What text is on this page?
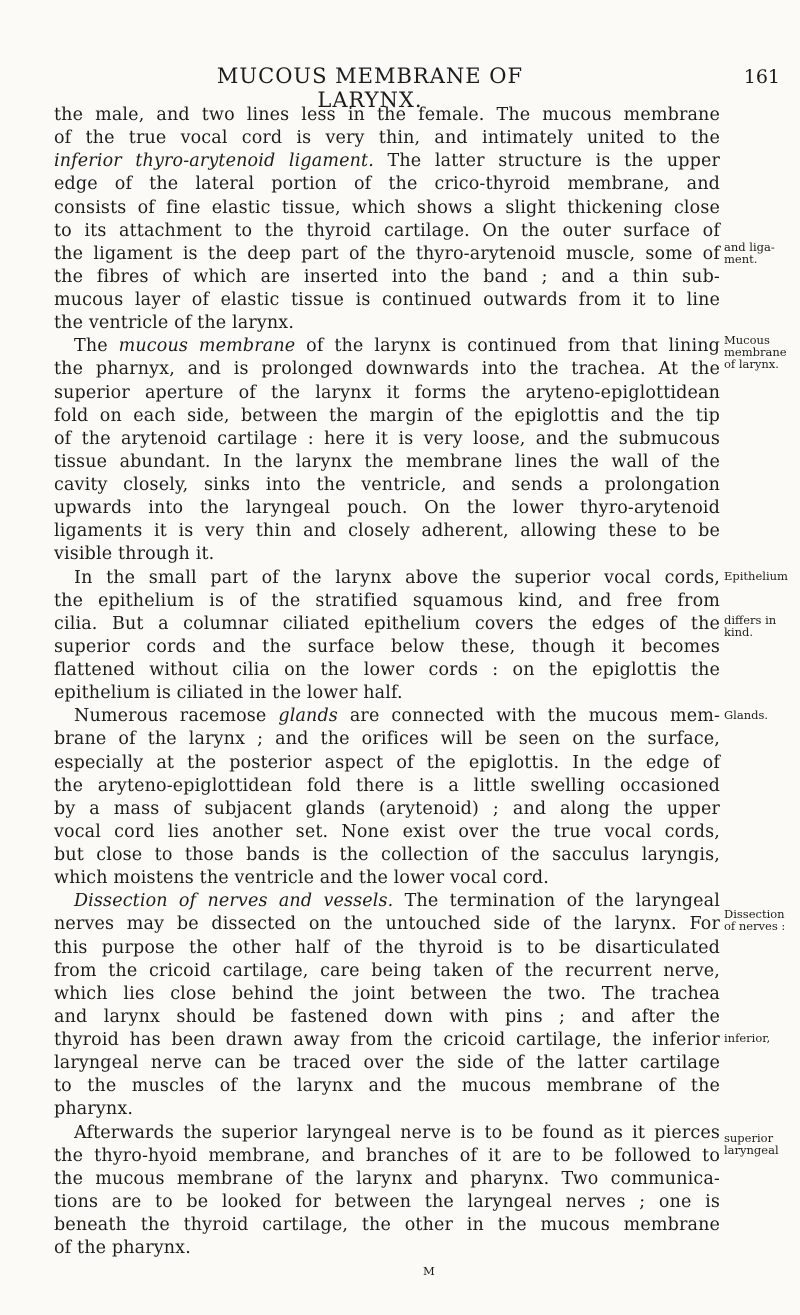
MUCOUS MEMBRANE OF LARYNX.
161
the male, and two lines less in the female. The mucous membrane
of the true vocal cord is very thin, and intimately united to the
inferior thyro-arytenoid ligament. The latter structure is the upper
edge of the lateral portion of the crico-thyroid membrane, and
consists of fine elastic tissue, which shows a slight thickening close
to its attachment to the thyroid cartilage. On the outer surface of
the ligament is the deep part of the thyro-arytenoid muscle, some of
the fibres of which are inserted into the band ; and a thin sub-
mucous layer of elastic tissue is continued outwards from it to line
the ventricle of the larynx.
The mucous membrane of the larynx is continued from that lining
the pharnyx, and is prolonged downwards into the trachea. At the
superior aperture of the larynx it forms the aryteno-epiglottidean
fold on each side, between the margin of the epiglottis and the tip
of the arytenoid cartilage : here it is very loose, and the submucous
tissue abundant. In the larynx the membrane lines the wall of the
cavity closely, sinks into the ventricle, and sends a prolongation
upwards into the laryngeal pouch. On the lower thyro-arytenoid
ligaments it is very thin and closely adherent, allowing these to be
visible through it.
In the small part of the larynx above the superior vocal cords,
the epithelium is of the stratified squamous kind, and free from
cilia. But a columnar ciliated epithelium covers the edges of the
superior cords and the surface below these, though it becomes
flattened without cilia on the lower cords : on the epiglottis the
epithelium is ciliated in the lower half.
Numerous racemose glands are connected with the mucous mem-
brane of the larynx ; and the orifices will be seen on the surface,
especially at the posterior aspect of the epiglottis. In the edge of
the aryteno-epiglottidean fold there is a little swelling occasioned
by a mass of subjacent glands (arytenoid) ; and along the upper
vocal cord lies another set. None exist over the true vocal cords,
but close to those bands is the collection of the sacculus laryngis,
which moistens the ventricle and the lower vocal cord.
Dissection of nerves and vessels. The termination of the laryngeal
nerves may be dissected on the untouched side of the larynx. For
this purpose the other half of the thyroid is to be disarticulated
from the cricoid cartilage, care being taken of the recurrent nerve,
which lies close behind the joint between the two. The trachea
and larynx should be fastened down with pins ; and after the
thyroid has been drawn away from the cricoid cartilage, the inferior
laryngeal nerve can be traced over the side of the latter cartilage
to the muscles of the larynx and the mucous membrane of the
pharynx.
Afterwards the superior laryngeal nerve is to be found as it pierces
the thyro-hyoid membrane, and branches of it are to be followed to
the mucous membrane of the larynx and pharynx. Two communica-
tions are to be looked for between the laryngeal nerves ; one is
beneath the thyroid cartilage, the other in the mucous membrane
of the pharynx.
and liga-
ment.
Mucous
membrane
of larynx.
Epithelium
differs in
kind.
Glands.
Dissection
of nerves :
inferior,
superior
laryngeal
M
